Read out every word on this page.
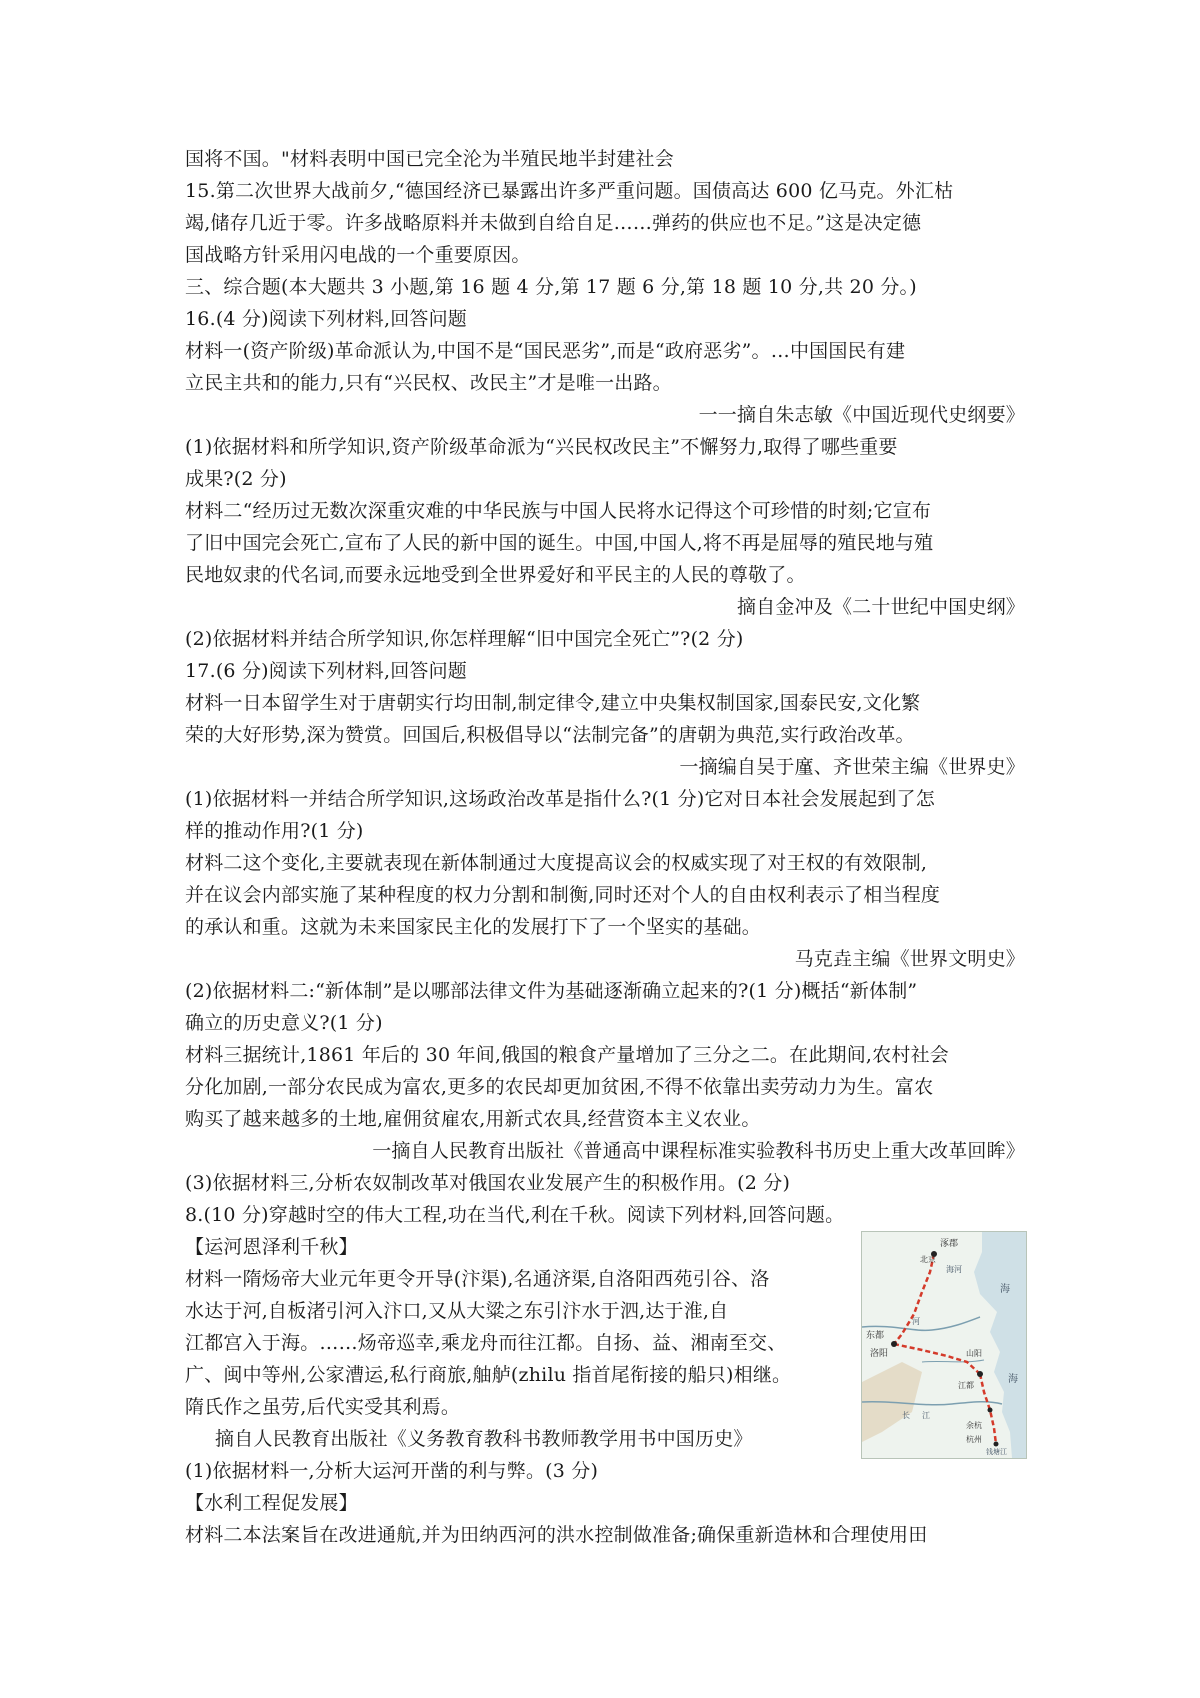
国将不国。"材料表明中国已完全沦为半殖民地半封建社会
15.第二次世界大战前夕,“德国经济已暴露出许多严重问题。国债高达 600 亿马克。外汇枯
竭,储存几近于零。许多战略原料并未做到自给自足……弹药的供应也不足。”这是决定德
国战略方针采用闪电战的一个重要原因。
三、综合题(本大题共 3 小题,第 16 题 4 分,第 17 题 6 分,第 18 题 10 分,共 20 分。)
16.(4 分)阅读下列材料,回答问题
材料一(资产阶级)革命派认为,中国不是“国民恶劣”,而是“政府恶劣”。…中国国民有建
立民主共和的能力,只有“兴民权、改民主”才是唯一出路。
一一摘自朱志敏《中国近现代史纲要》
(1)依据材料和所学知识,资产阶级革命派为“兴民权改民主”不懈努力,取得了哪些重要
成果?(2 分)
材料二“经历过无数次深重灾难的中华民族与中国人民将水记得这个可珍惜的时刻;它宣布
了旧中国完会死亡,宣布了人民的新中国的诞生。中国,中国人,将不再是屈辱的殖民地与殖
民地奴隶的代名词,而要永远地受到全世界爱好和平民主的人民的尊敬了。
摘自金冲及《二十世纪中国史纲》
(2)依据材料并结合所学知识,你怎样理解“旧中国完全死亡”?(2 分)
17.(6 分)阅读下列材料,回答问题
材料一日本留学生对于唐朝实行均田制,制定律令,建立中央集权制国家,国泰民安,文化繁
荣的大好形势,深为赞赏。回国后,积极倡导以“法制完备”的唐朝为典范,实行政治改革。
一摘编自吴于廑、齐世荣主编《世界史》
(1)依据材料一并结合所学知识,这场政治改革是指什么?(1 分)它对日本社会发展起到了怎
样的推动作用?(1 分)
材料二这个变化,主要就表现在新体制通过大度提高议会的权威实现了对王权的有效限制,
并在议会内部实施了某种程度的权力分割和制衡,同时还对个人的自由权利表示了相当程度
的承认和重。这就为未来国家民主化的发展打下了一个坚实的基础。
马克垚主编《世界文明史》
(2)依据材料二:“新体制”是以哪部法律文件为基础逐渐确立起来的?(1 分)概括“新体制”
确立的历史意义?(1 分)
材料三据统计,1861 年后的 30 年间,俄国的粮食产量增加了三分之二。在此期间,农村社会
分化加剧,一部分农民成为富农,更多的农民却更加贫困,不得不依靠出卖劳动力为生。富农
购买了越来越多的土地,雇佣贫雇农,用新式农具,经营资本主义农业。
一摘自人民教育出版社《普通高中课程标准实验教科书历史上重大改革回眸》
(3)依据材料三,分析农奴制改革对俄国农业发展产生的积极作用。(2 分)
8.(10 分)穿越时空的伟大工程,功在当代,利在千秋。阅读下列材料,回答问题。
【运河恩泽利千秋】
材料一隋炀帝大业元年更令开导(汴渠),名通济渠,自洛阳西苑引谷、洛
水达于河,自板渚引河入汴口,又从大粱之东引汴水于泗,达于淮,自
江都宫入于海。……炀帝巡幸,乘龙舟而往江都。自扬、益、湘南至交、
广、闽中等州,公家漕运,私行商旅,舳舻(zhilu 指首尾衔接的船只)相继。
隋氏作之虽劳,后代实受其利焉。
摘自人民教育出版社《义务教育教科书教师教学用书中国历史》
涿郡
北京
海河
东都
洛阳	山阳
江都
余杭
杭州
钱塘江
海
海
河
江
长
(1)依据材料一,分析大运河开凿的利与弊。(3 分)
【水利工程促发展】
材料二本法案旨在改进通航,并为田纳西河的洪水控制做准备;确保重新造林和合理使用田
